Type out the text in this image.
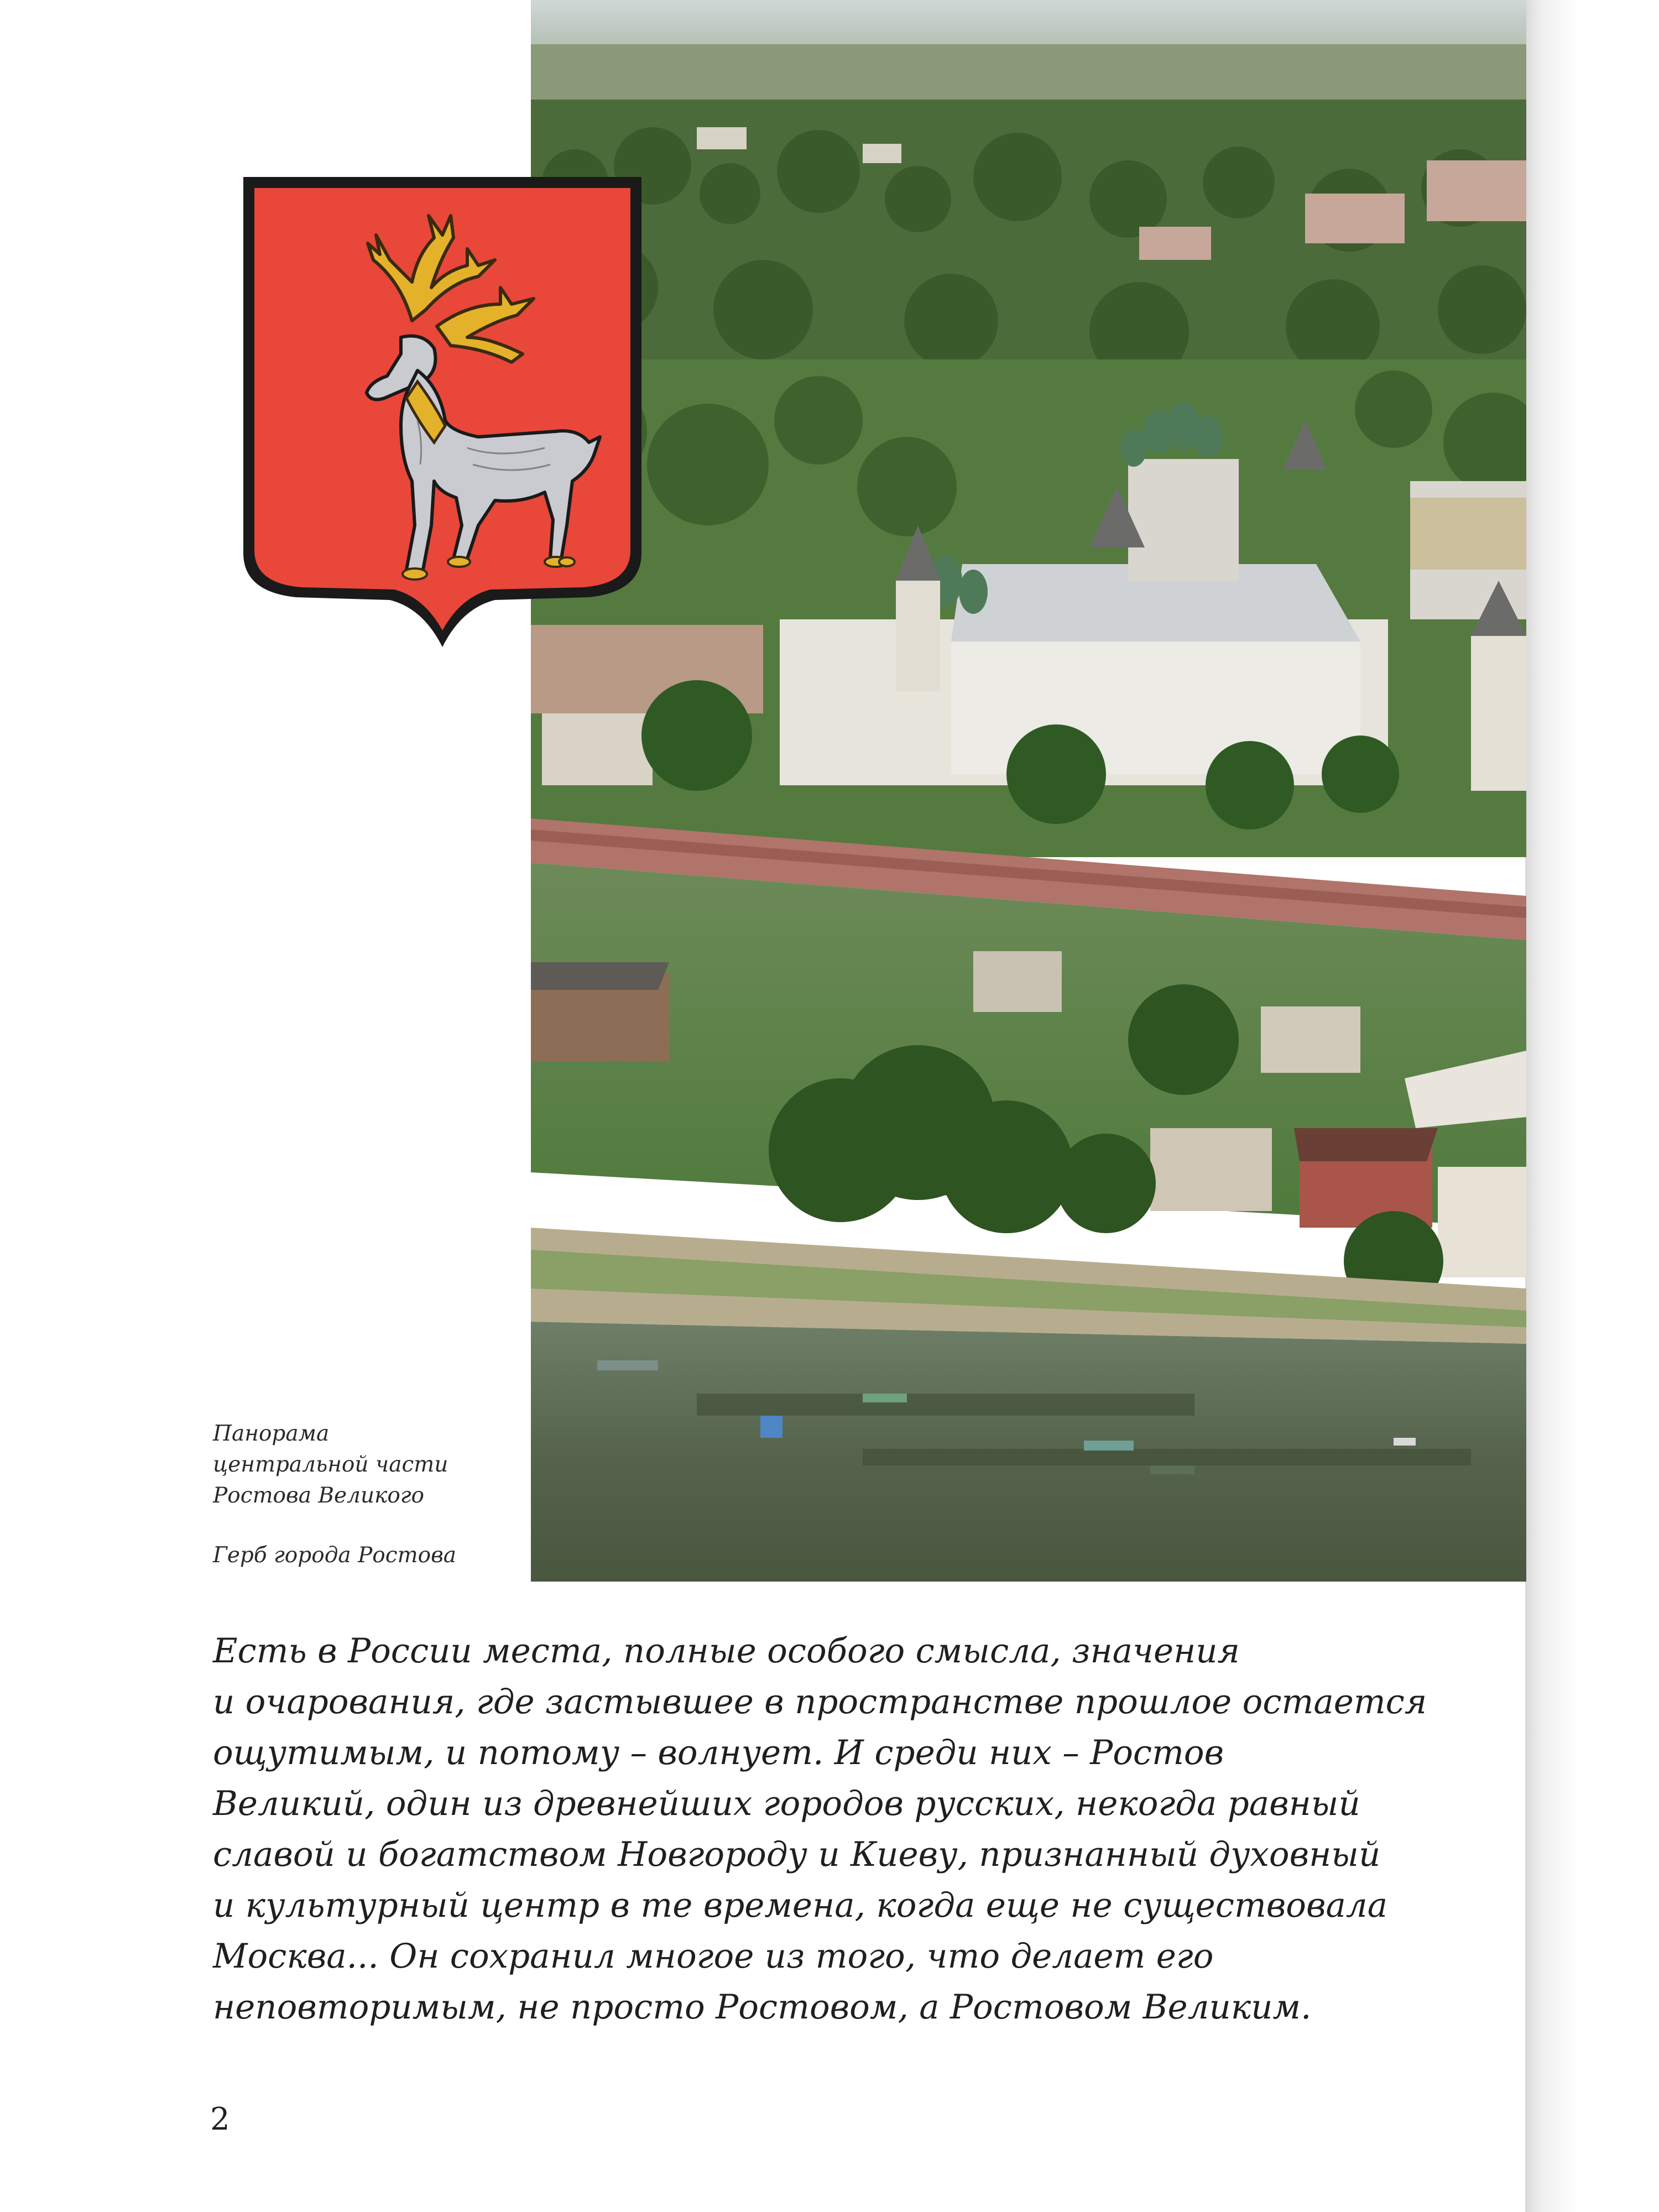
Панорама
центральной части
Ростова Великого
Герб города Ростова
Есть в России места, полные особого смысла, значения
и очарования, где застывшее в пространстве прошлое остается
ощутимым, и потому – волнует. И среди них – Ростов
Великий, один из древнейших городов русских, некогда равный
славой и богатством Новгороду и Киеву, признанный духовный
и культурный центр в те времена, когда еще не существовала
Москва... Он сохранил многое из того, что делает его
неповторимым, не просто Ростовом, а Ростовом Великим.
2
